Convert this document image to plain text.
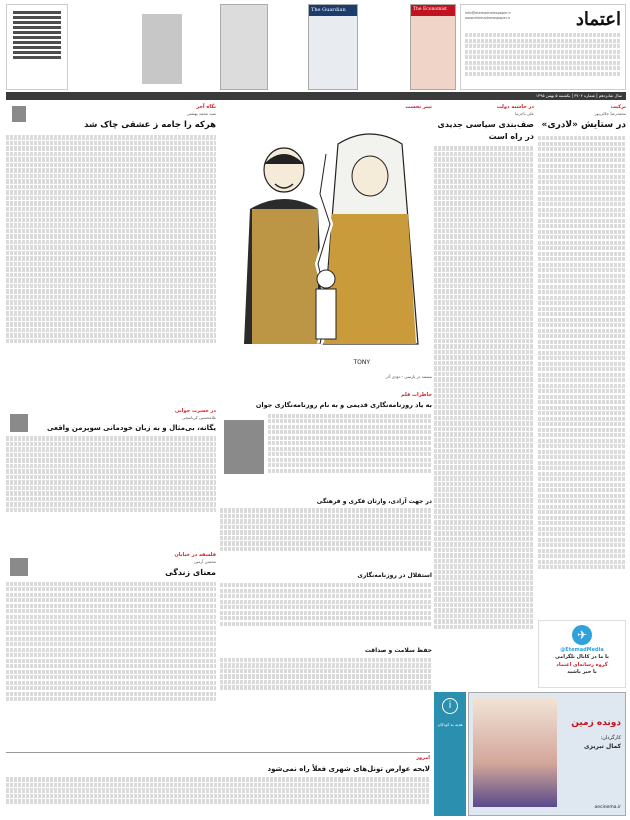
اعتماد
info@etemadnewspaper.ir
www.etemadnewspaper.ir
The Guardian	The Economist
سال شانزدهم | شماره ۳۷۰۴ | یکشنبه ۵ بهمن ۱۳۹۵
ترکیب
محمدرضا جلائی‌پور
در ستایش «لادری»
✈
@EtemadMedia
با ما در کانال تلگرامی
گروه رسانه‌ای اعتماد
با خبر باشید
دونده زمین
کارگردان:
کمال تبریزی
aecinema.ir
در حاشیه دولت
علی تاجرنیا
صف‌بندی سیاسی جدیدی در راه است
i
هدیه به کودکان
تیتر نخست
TONY
نیستند در پارسی - دودی آذر
نگاه آخر
سید محمد بهشتی
هرکه را جامه ز عشقی چاک شد
در حسرت جوانی
غلامحسین کرباسچی
یگانه، بی‌مثال و به زبان خودمانی سوپرمن واقعی
فلسفه در خیابان
محسن آرمین
معنای زندگی
خاطرات قلم
به یاد روزنامه‌نگاری قدیمی و به نام روزنامه‌نگاری جوان
در جهت آزادی، وارثان فکری و فرهنگی
استقلال در روزنامه‌نگاری
حفظ سلامت و صداقت
امروز
لایحه عوارض تونل‌های شهری فعلاً راه نمی‌شود
